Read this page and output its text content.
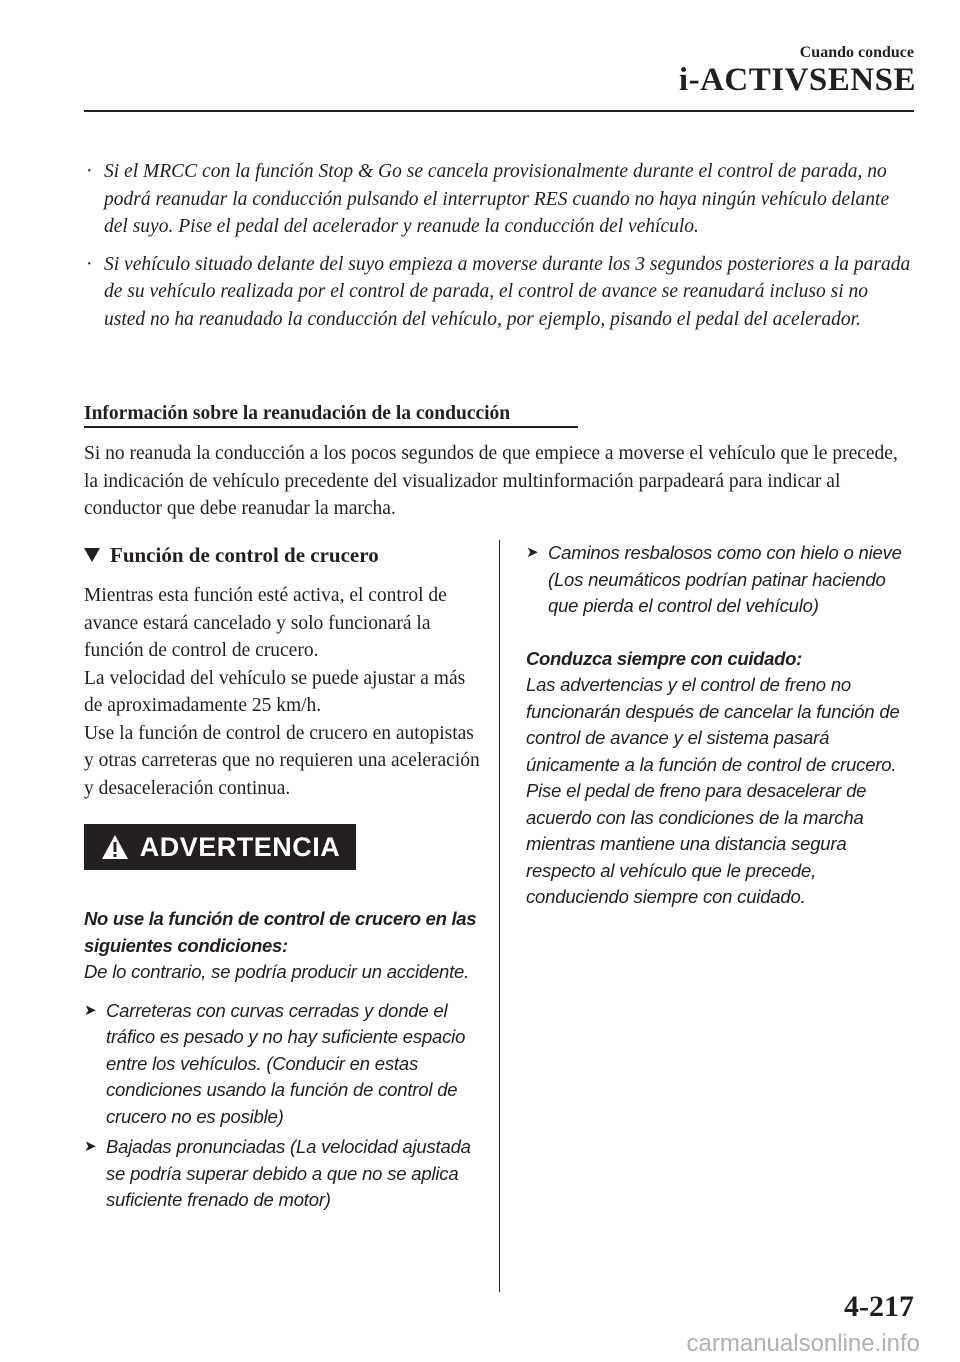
Cuando conduce
i-ACTIVSENSE
· Si el MRCC con la función Stop & Go se cancela provisionalmente durante el control de parada, no podrá reanudar la conducción pulsando el interruptor RES cuando no haya ningún vehículo delante del suyo. Pise el pedal del acelerador y reanude la conducción del vehículo.
· Si vehículo situado delante del suyo empieza a moverse durante los 3 segundos posteriores a la parada de su vehículo realizada por el control de parada, el control de avance se reanudará incluso si no usted no ha reanudado la conducción del vehículo, por ejemplo, pisando el pedal del acelerador.
Información sobre la reanudación de la conducción

Si no reanuda la conducción a los pocos segundos de que empiece a moverse el vehículo que le precede, la indicación de vehículo precedente del visualizador multinformación parpadeará para indicar al conductor que debe reanudar la marcha.

Función de control de crucero

Mientras esta función esté activa, el control de avance estará cancelado y solo funcionará la función de control de crucero.

La velocidad del vehículo se puede ajustar a más de aproximadamente 25 km/h.

Use la función de control de crucero en autopistas y otras carreteras que no requieren una aceleración y desaceleración continua.

ADVERTENCIA

No use la función de control de crucero en las siguientes condiciones:

De lo contrario, se podría producir un accidente.

➤ Carreteras con curvas cerradas y donde el tráfico es pesado y no hay suficiente espacio entre los vehículos. (Conducir en estas condiciones usando la función de control de crucero no es posible)
➤ Bajadas pronunciadas (La velocidad ajustada se podría superar debido a que no se aplica suficiente frenado de motor)
➤ Caminos resbalosos como con hielo o nieve (Los neumáticos podrían patinar haciendo que pierda el control del vehículo)

Conduzca siempre con cuidado:

Las advertencias y el control de freno no funcionarán después de cancelar la función de control de avance y el sistema pasará únicamente a la función de control de crucero. Pise el pedal de freno para desacelerar de acuerdo con las condiciones de la marcha mientras mantiene una distancia segura respecto al vehículo que le precede, conduciendo siempre con cuidado.

4-217
carmanualsonline.info
